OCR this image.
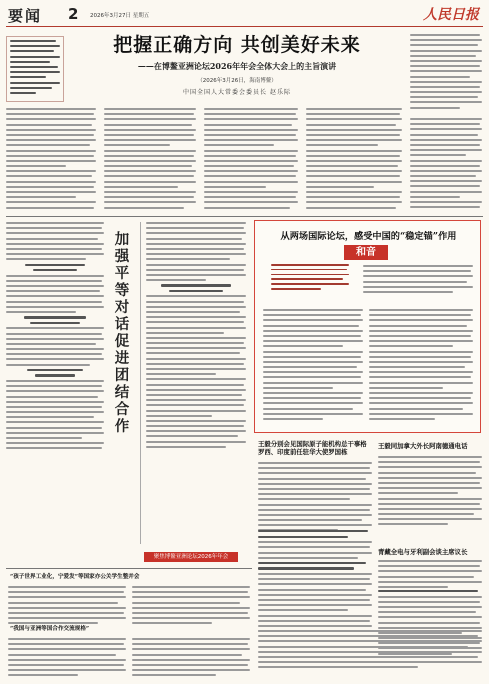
要闻 2 2026年3月27日 星期五	人民日报
把握正确方向 共创美好未来
——在博鳌亚洲论坛2026年年会全体大会上的主旨演讲
（2026年3月26日，海南博鳌）
中国全国人大常委会委员长 赵乐际
加强平等对话 促进团结合作
从两场国际论坛，感受中国的“稳定锚”作用
和音
王毅分别会见国际原子能机构总干事格罗西、印度前任驻华大使罗国栋
王毅同加拿大外长阿南德通电话
青藏全电与牙利副会谈主席议长
聚焦博鳌亚洲论坛2026年年会
“孩子世界工业化，宁爱发”等国家亦公关学生整并会
“我国与亚洲等国合作交流规格”
